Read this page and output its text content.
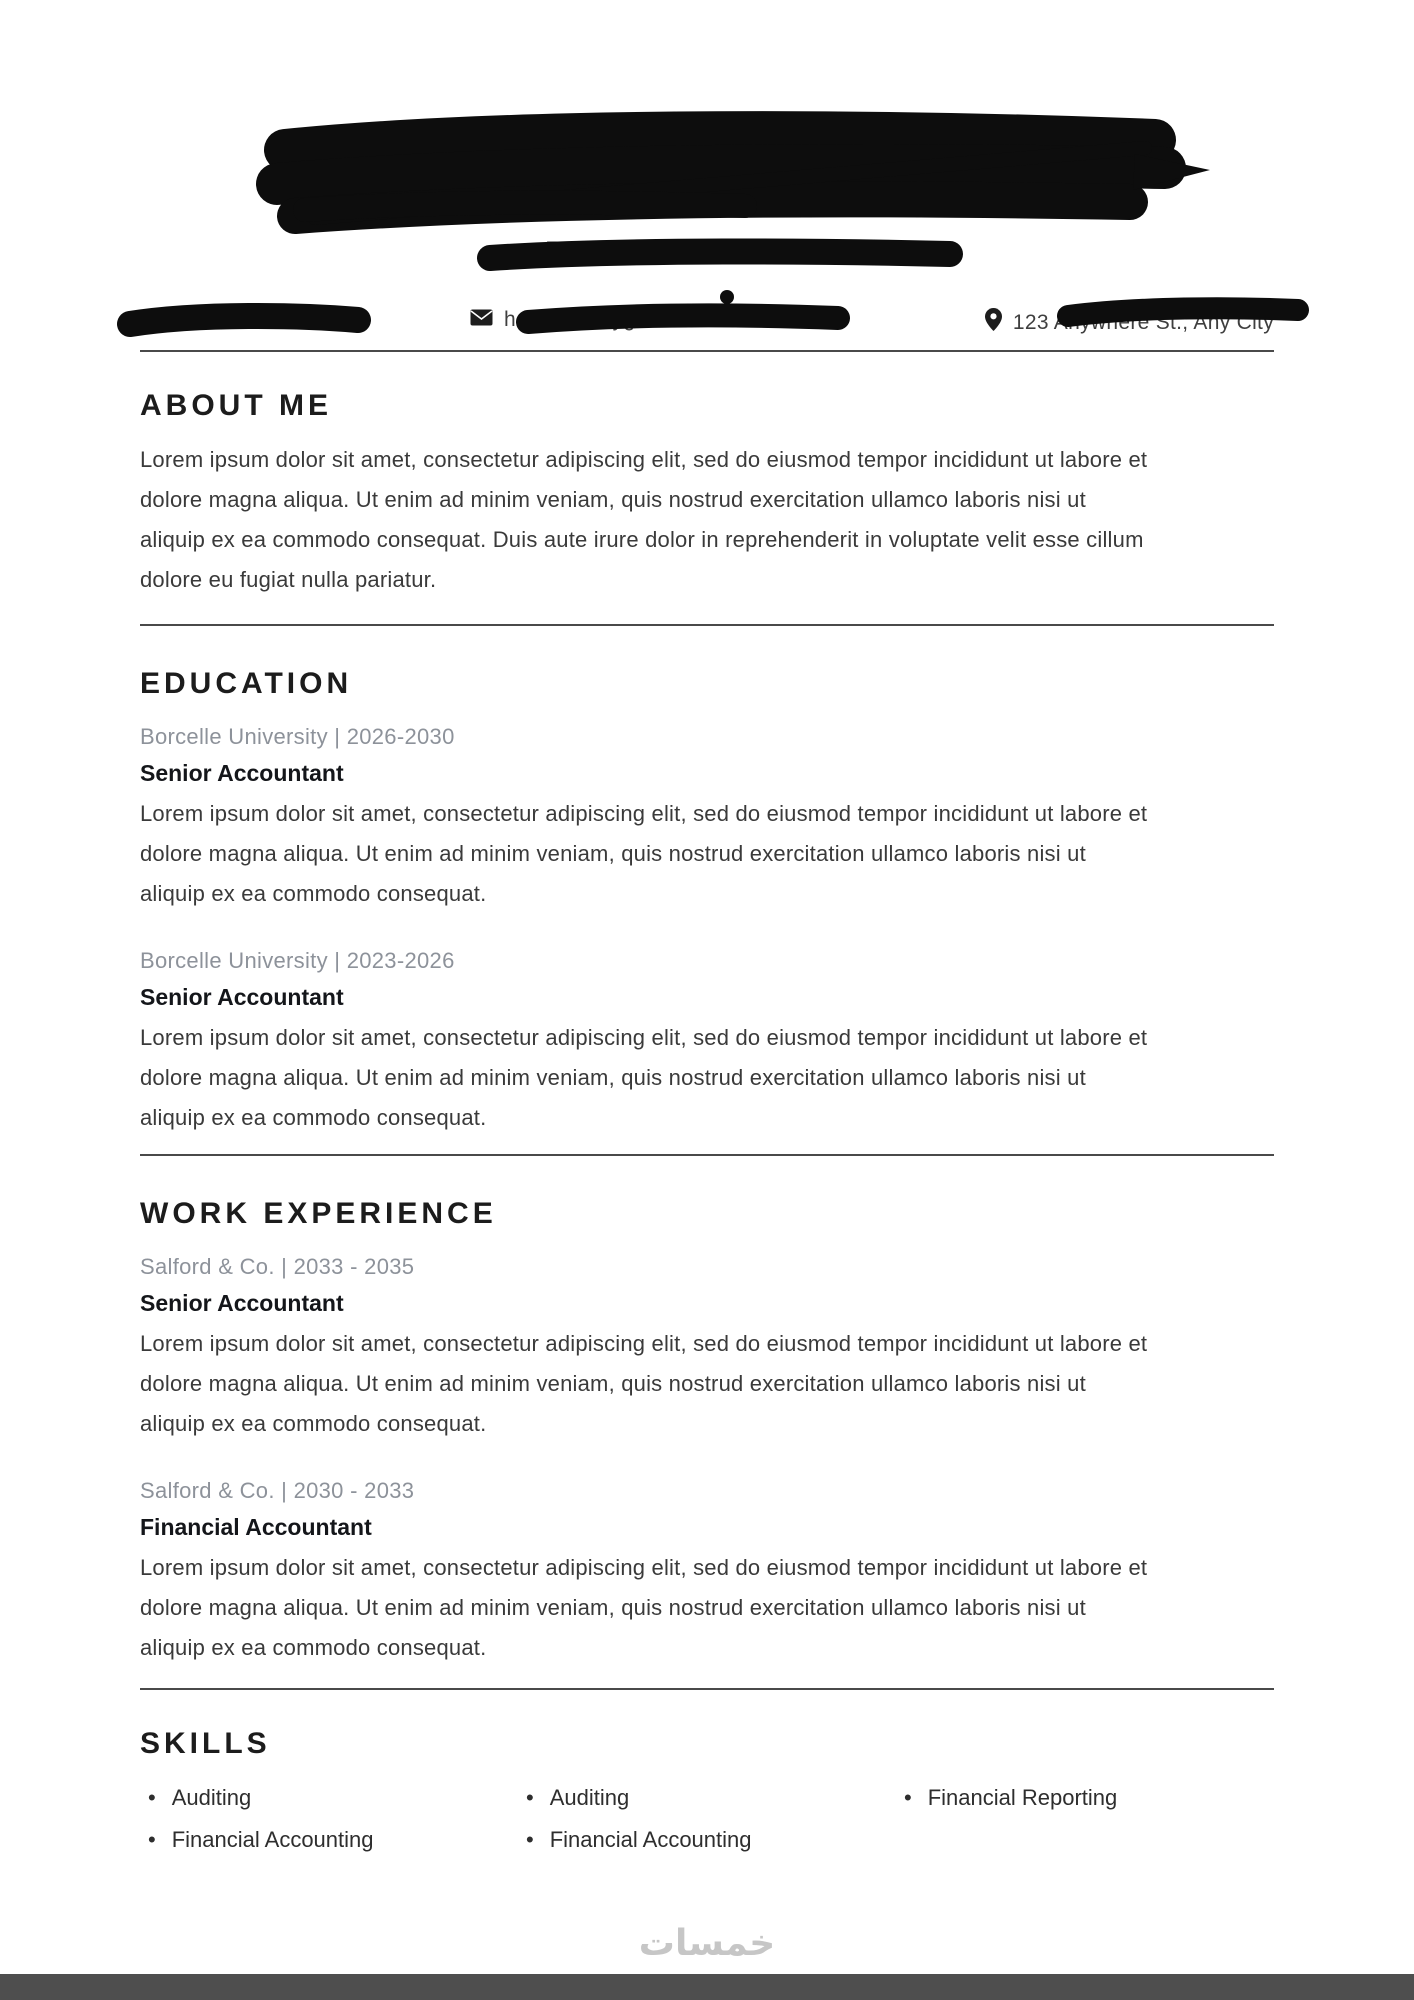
Professional Accountant
hello@reallygreatsite.com	123 Anywhere St., Any City
ABOUT ME

Lorem ipsum dolor sit amet, consectetur adipiscing elit, sed do eiusmod tempor incididunt ut labore et dolore magna aliqua. Ut enim ad minim veniam, quis nostrud exercitation ullamco laboris nisi ut aliquip ex ea commodo consequat. Duis aute irure dolor in reprehenderit in voluptate velit esse cillum dolore eu fugiat nulla pariatur.

EDUCATION
Borcelle University | 2026-2030
Senior Accountant

Lorem ipsum dolor sit amet, consectetur adipiscing elit, sed do eiusmod tempor incididunt ut labore et dolore magna aliqua. Ut enim ad minim veniam, quis nostrud exercitation ullamco laboris nisi ut aliquip ex ea commodo consequat.

Borcelle University | 2023-2026
Senior Accountant

Lorem ipsum dolor sit amet, consectetur adipiscing elit, sed do eiusmod tempor incididunt ut labore et dolore magna aliqua. Ut enim ad minim veniam, quis nostrud exercitation ullamco laboris nisi ut aliquip ex ea commodo consequat.

WORK EXPERIENCE
Salford & Co. | 2033 - 2035
Senior Accountant

Lorem ipsum dolor sit amet, consectetur adipiscing elit, sed do eiusmod tempor incididunt ut labore et dolore magna aliqua. Ut enim ad minim veniam, quis nostrud exercitation ullamco laboris nisi ut aliquip ex ea commodo consequat.

Salford & Co. | 2030 - 2033
Financial Accountant

Lorem ipsum dolor sit amet, consectetur adipiscing elit, sed do eiusmod tempor incididunt ut labore et dolore magna aliqua. Ut enim ad minim veniam, quis nostrud exercitation ullamco laboris nisi ut aliquip ex ea commodo consequat.

SKILLS
• Auditing
• Financial Accounting
• Auditing
• Financial Accounting
• Financial Reporting
خمسات
